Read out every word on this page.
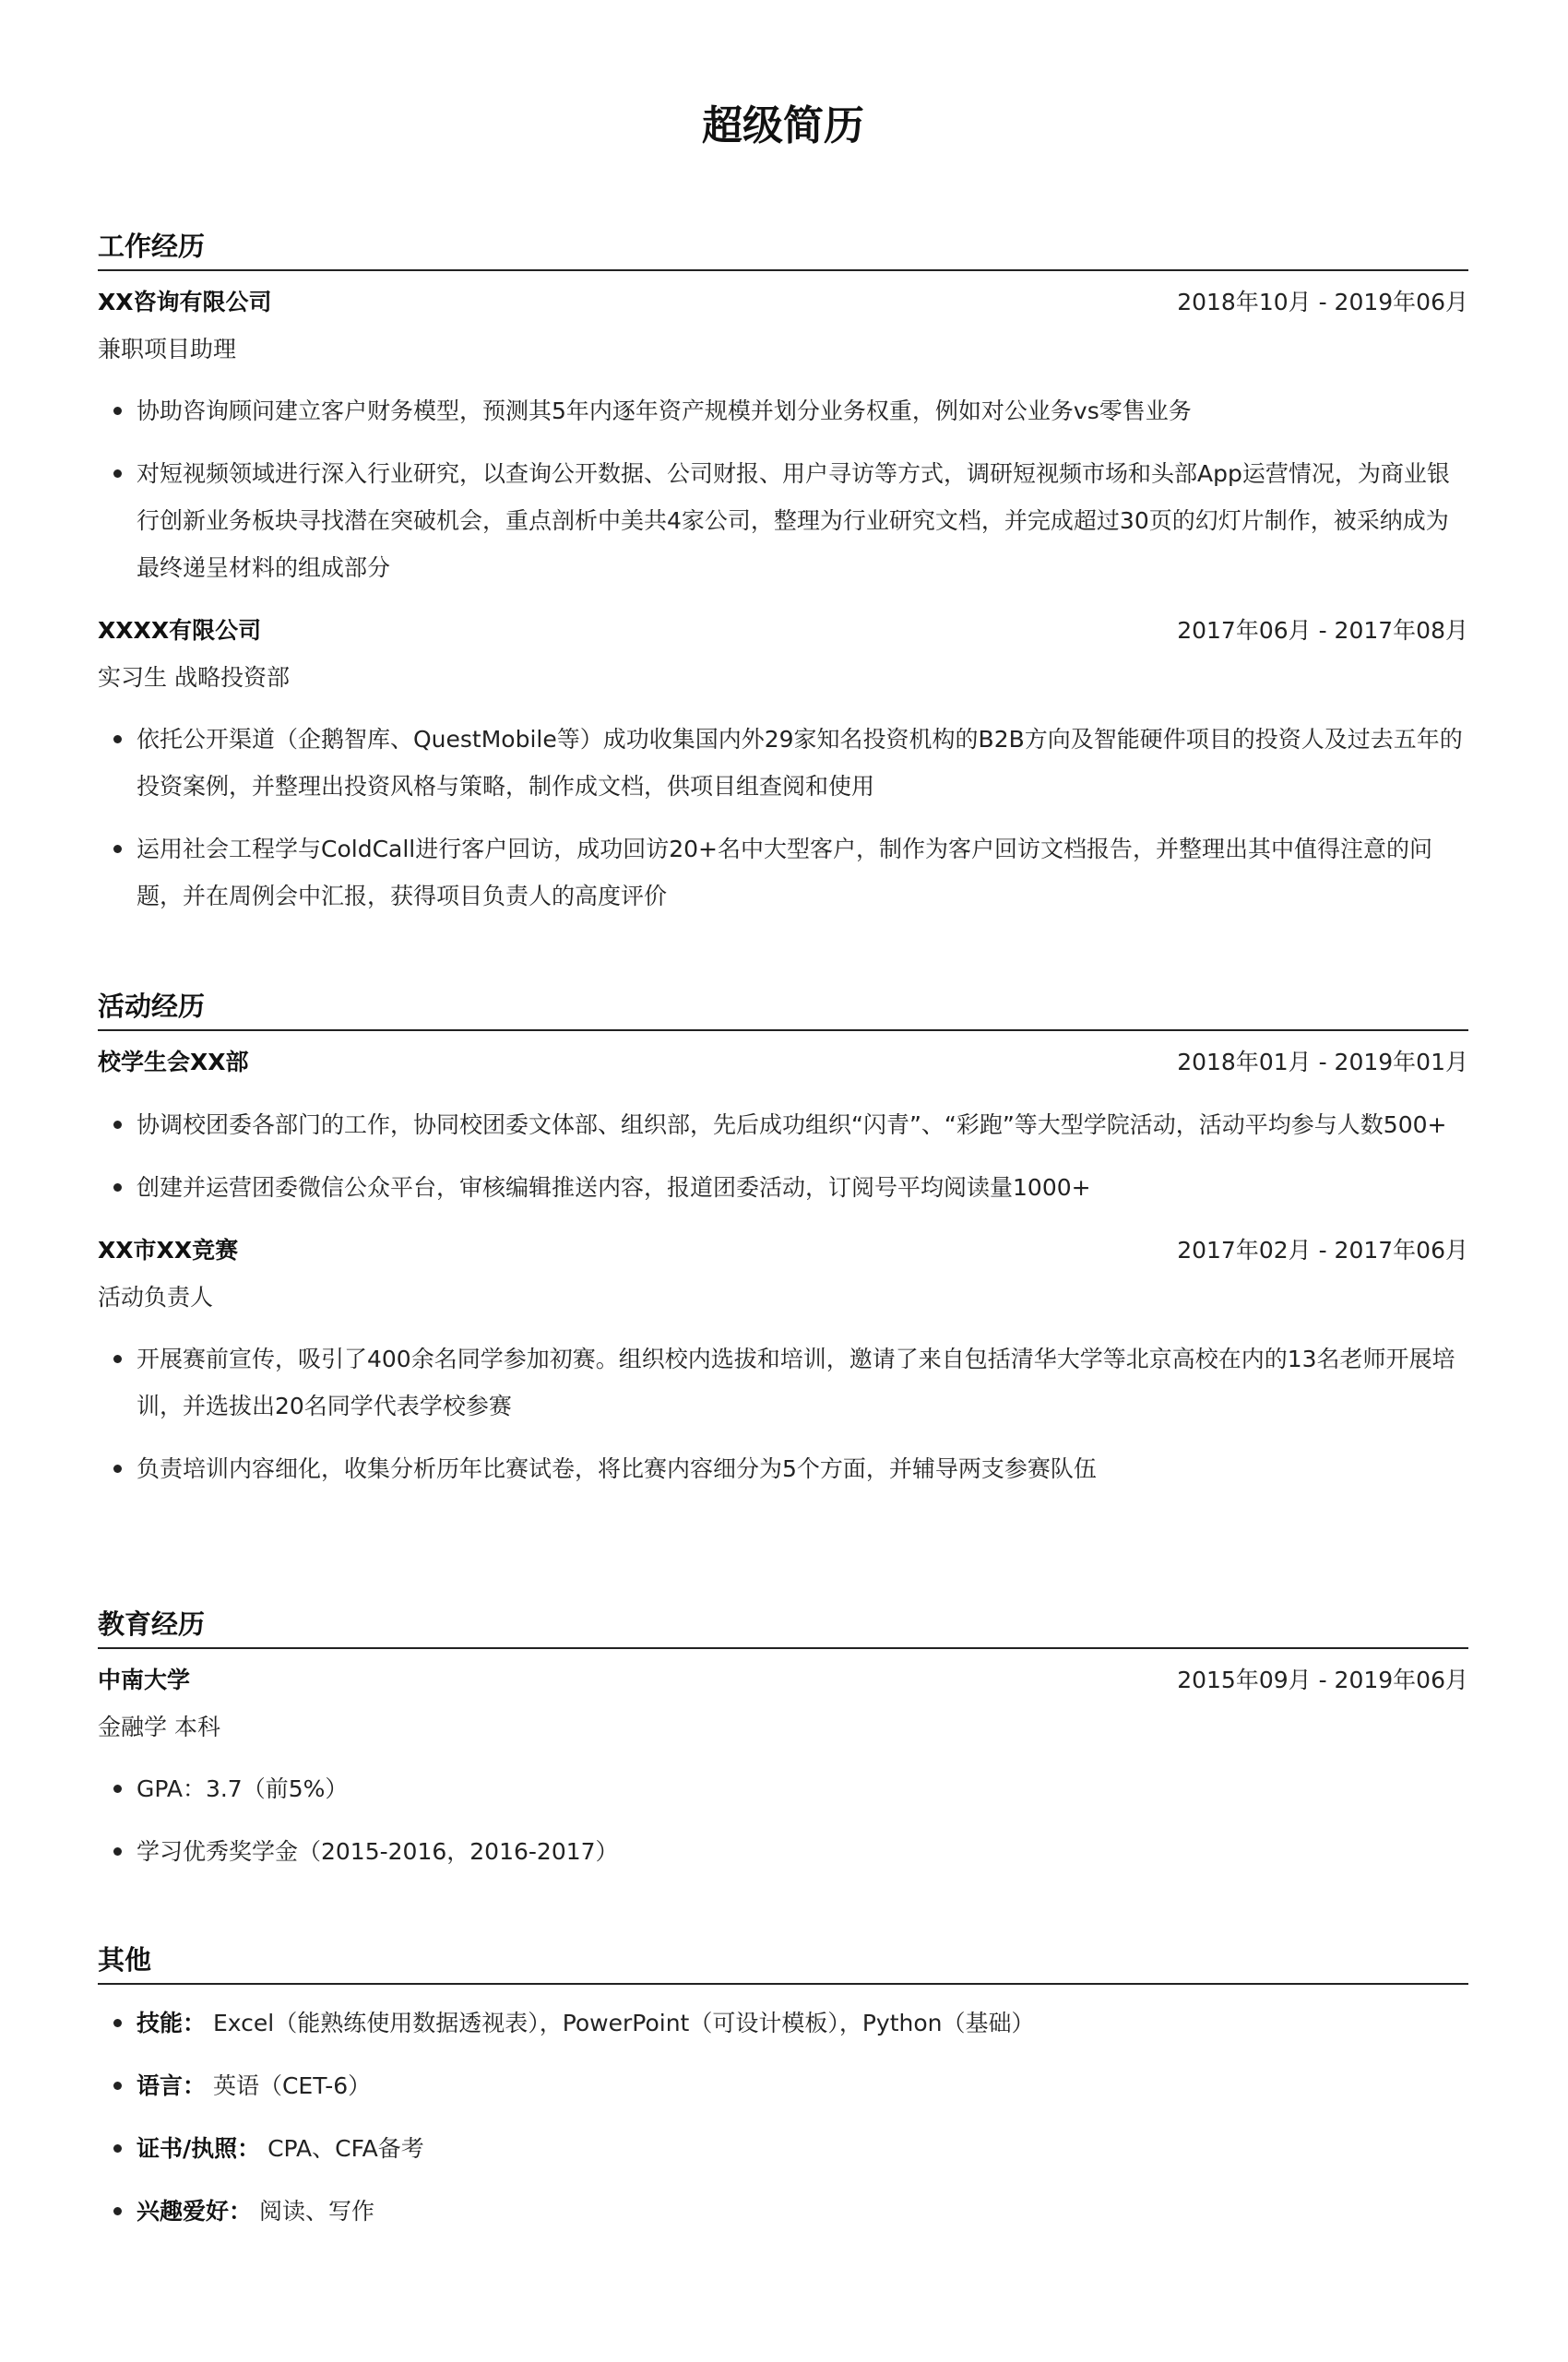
超级简历
工作经历
XX咨询有限公司	2018年10月 - 2019年06月
兼职项目助理
协助咨询顾问建立客户财务模型，预测其5年内逐年资产规模并划分业务权重，例如对公业务vs零售业务
对短视频领域进行深入行业研究，以查询公开数据、公司财报、用户寻访等方式，调研短视频市场和头部App运营情况，为商业银行创新业务板块寻找潜在突破机会，重点剖析中美共4家公司，整理为行业研究文档，并完成超过30页的幻灯片制作，被采纳成为最终递呈材料的组成部分
XXXX有限公司	2017年06月 - 2017年08月
实习生 战略投资部
依托公开渠道（企鹅智库、QuestMobile等）成功收集国内外29家知名投资机构的B2B方向及智能硬件项目的投资人及过去五年的投资案例，并整理出投资风格与策略，制作成文档，供项目组查阅和使用
运用社会工程学与ColdCall进行客户回访，成功回访20+名中大型客户，制作为客户回访文档报告，并整理出其中值得注意的问题，并在周例会中汇报，获得项目负责人的高度评价
活动经历
校学生会XX部	2018年01月 - 2019年01月
协调校团委各部门的工作，协同校团委文体部、组织部，先后成功组织“闪青”、“彩跑”等大型学院活动，活动平均参与人数500+
创建并运营团委微信公众平台，审核编辑推送内容，报道团委活动，订阅号平均阅读量1000+
XX市XX竞赛	2017年02月 - 2017年06月
活动负责人
开展赛前宣传，吸引了400余名同学参加初赛。组织校内选拔和培训，邀请了来自包括清华大学等北京高校在内的13名老师开展培训，并选拔出20名同学代表学校参赛
负责培训内容细化，收集分析历年比赛试卷，将比赛内容细分为5个方面，并辅导两支参赛队伍
教育经历
中南大学	2015年09月 - 2019年06月
金融学 本科
GPA：3.7（前5%）
学习优秀奖学金（2015-2016，2016-2017）
其他
技能： Excel（能熟练使用数据透视表），PowerPoint（可设计模板），Python（基础）
语言： 英语（CET-6）
证书/执照： CPA、CFA备考
兴趣爱好： 阅读、写作
